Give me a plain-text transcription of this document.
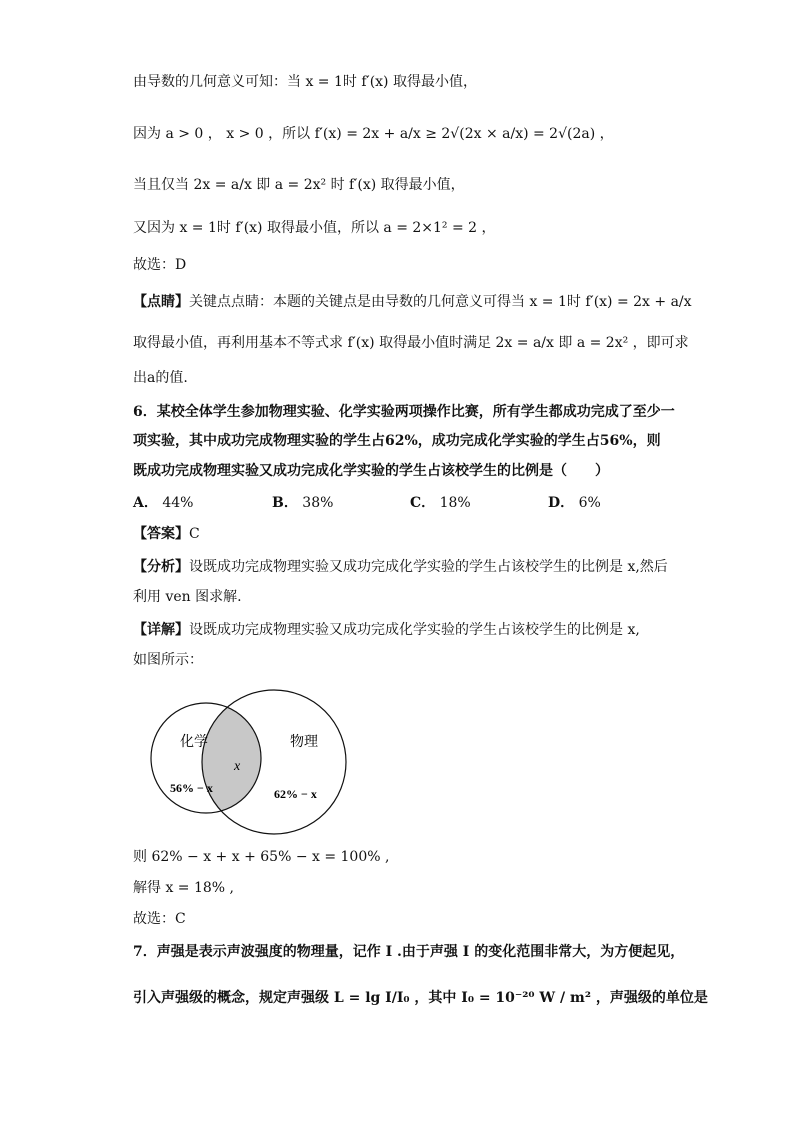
由导数的几何意义可知：当 x = 1时 f′(x) 取得最小值，
因为 a > 0 ， x > 0 ，所以 f′(x) = 2x + a/x ≥ 2√(2x × a/x) = 2√(2a) ，
当且仅当 2x = a/x 即 a = 2x² 时 f′(x) 取得最小值，
又因为 x = 1时 f′(x) 取得最小值，所以 a = 2×1² = 2 ，
故选：D
【点睛】关键点点睛：本题的关键点是由导数的几何意义可得当 x = 1时 f′(x) = 2x + a/x
取得最小值，再利用基本不等式求 f′(x) 取得最小值时满足 2x = a/x 即 a = 2x² ，即可求
出a的值.
6．某校全体学生参加物理实验、化学实验两项操作比赛，所有学生都成功完成了至少一
项实验，其中成功完成物理实验的学生占62%，成功完成化学实验的学生占56%，则
既成功完成物理实验又成功完成化学实验的学生占该校学生的比例是（　　）
A． 44%	B． 38%	C． 18%	D． 6%
【答案】C
【分析】设既成功完成物理实验又成功完成化学实验的学生占该校学生的比例是 x,然后
利用 ven 图求解.
【详解】设既成功完成物理实验又成功完成化学实验的学生占该校学生的比例是 x,
如图所示：
化学	物理
x
56% − x	62% − x
则 62% − x + x + 65% − x = 100% ,
解得 x = 18% ,
故选：C
7．声强是表示声波强度的物理量，记作 I .由于声强 I 的变化范围非常大，为方便起见，
引入声强级的概念，规定声强级 L = lg I/I₀ ，其中 I₀ = 10⁻²⁰ W / m² ，声强级的单位是
